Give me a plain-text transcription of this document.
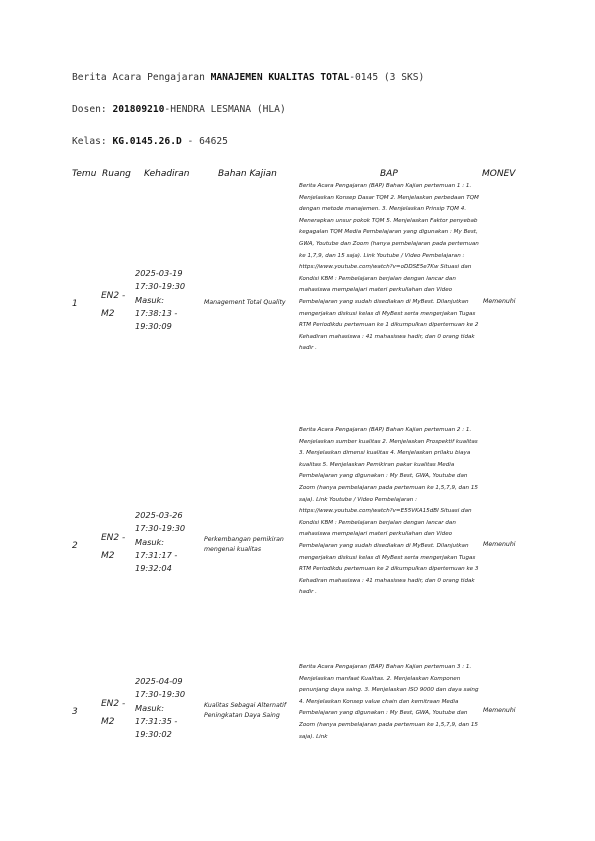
Berita Acara Pengajaran MANAJEMEN KUALITAS TOTAL-0145 (3 SKS)
Dosen: 201809210-HENDRA LESMANA (HLA)
Kelas: KG.0145.26.D - 64625
Temu Ruang Kehadiran	Bahan Kajian	BAP	MONEV
1
EN2 - M2
2025-03-19 17:30-19:30 Masuk: 17:38:13 - 19:30:09
Management Total Quality
Berita Acara Pengajaran (BAP) Bahan Kajian pertemuan 1 : 1. Menjelaskan Konsep Dasar TQM 2. Menjelaskan perbedaan TQM dengan metode manajemen. 3. Menjelaskan Prinsip TQM 4. Menerapkan unsur pokok TQM 5. Menjelaskan Faktor penyebab kegagalan TQM Media Pembelajaran yang digunakan : My Best, GWA, Youtube dan Zoom (hanya pembelajaran pada pertemuan ke 1,7,9, dan 15 saja). Link Youtube / Video Pembelajaran : https://www.youtube.com/watch?v=oDDSE5e7Kw Situasi dan Kondisi KBM : Pembelajaran berjalan dengan lancar dan mahasiswa mempelajari materi perkuliahan dan Video Pembelajaran yang sudah disediakan di MyBest. Dilanjutkan mengerjakan diskusi kelas di MyBest serta mengerjakan Tugas RTM Periodikdu pertemuan ke 1 dikumpulkan dipertemuan ke 2 Kehadiran mahasiswa : 41 mahasiswa hadir, dan 0 orang tidak hadir .
Memenuhi
2
EN2 - M2
2025-03-26 17:30-19:30 Masuk: 17:31:17 - 19:32:04
Perkembangan pemikiran mengenai kualitas
Berita Acara Pengajaran (BAP) Bahan Kajian pertemuan 2 : 1. Menjelaskan sumber kualitas 2. Menjelaskan Prospektif kualitas 3. Menjelaskan dimensi kualitas 4. Menjelaskan prilaku biaya kualitas 5. Menjelaskan Pemikiran pakar kualitas Media Pembelajaran yang digunakan : My Best, GWA, Youtube dan Zoom (hanya pembelajaran pada pertemuan ke 1,5,7,9, dan 15 saja). Link Youtube / Video Pembelajaran : https://www.youtube.com/watch?v=E55VKA15dBI Situasi dan Kondisi KBM : Pembelajaran berjalan dengan lancar dan mahasiswa mempelajari materi perkuliahan dan Video Pembelajaran yang sudah disediakan di MyBest. Dilanjutkan mengerjakan diskusi kelas di MyBest serta mengerjakan Tugas RTM Periodikdu pertemuan ke 2 dikumpulkan dipertemuan ke 3 Kehadiran mahasiswa : 41 mahasiswa hadir, dan 0 orang tidak hadir .
Memenuhi
3
EN2 - M2
2025-04-09 17:30-19:30 Masuk: 17:31:35 - 19:30:02
Kualitas Sebagai Alternatif Peningkatan Daya Saing
Berita Acara Pengajaran (BAP) Bahan Kajian pertemuan 3 : 1. Menjelaskan manfaat Kualitas. 2. Menjelaskan Komponen penunjang daya saing. 3. Menjelaskan ISO 9000 dan daya saing 4. Menjelaskan Konsep value chain dan kemitraan Media Pembelajaran yang digunakan : My Best, GWA, Youtube dan Zoom (hanya pembelajaran pada pertemuan ke 1,5,7,9, dan 15 saja). Link
Memenuhi
